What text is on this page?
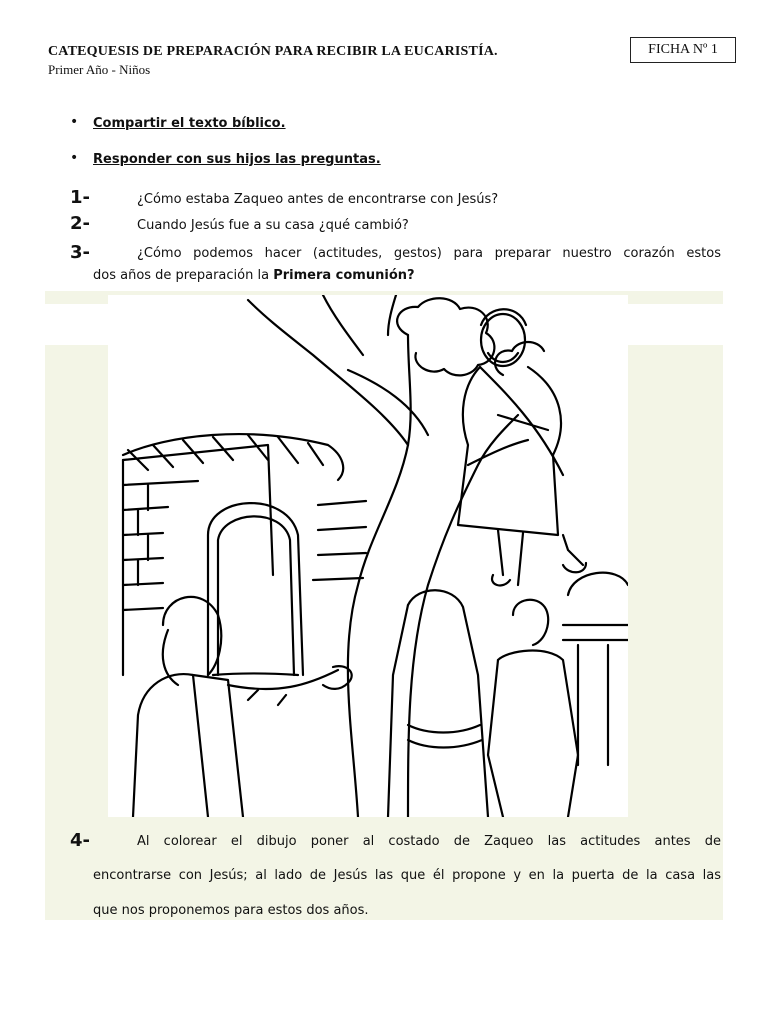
CATEQUESIS DE PREPARACIÓN PARA RECIBIR LA EUCARISTÍA.
Primer Año - Niños
FICHA Nº 1
• Compartir el texto bíblico.
• Responder con sus hijos las preguntas.
1-	¿Cómo estaba Zaqueo antes de encontrarse con Jesús?
2-	Cuando Jesús fue a su casa ¿qué cambió?
3-	¿Cómo podemos hacer (actitudes, gestos) para preparar nuestro corazón estos
dos años de preparación la Primera comunión?
4-	Al colorear el dibujo poner al costado de Zaqueo las actitudes antes de
encontrarse con Jesús; al lado de Jesús las que él propone y en la puerta de la casa las
que nos proponemos para estos dos años.
